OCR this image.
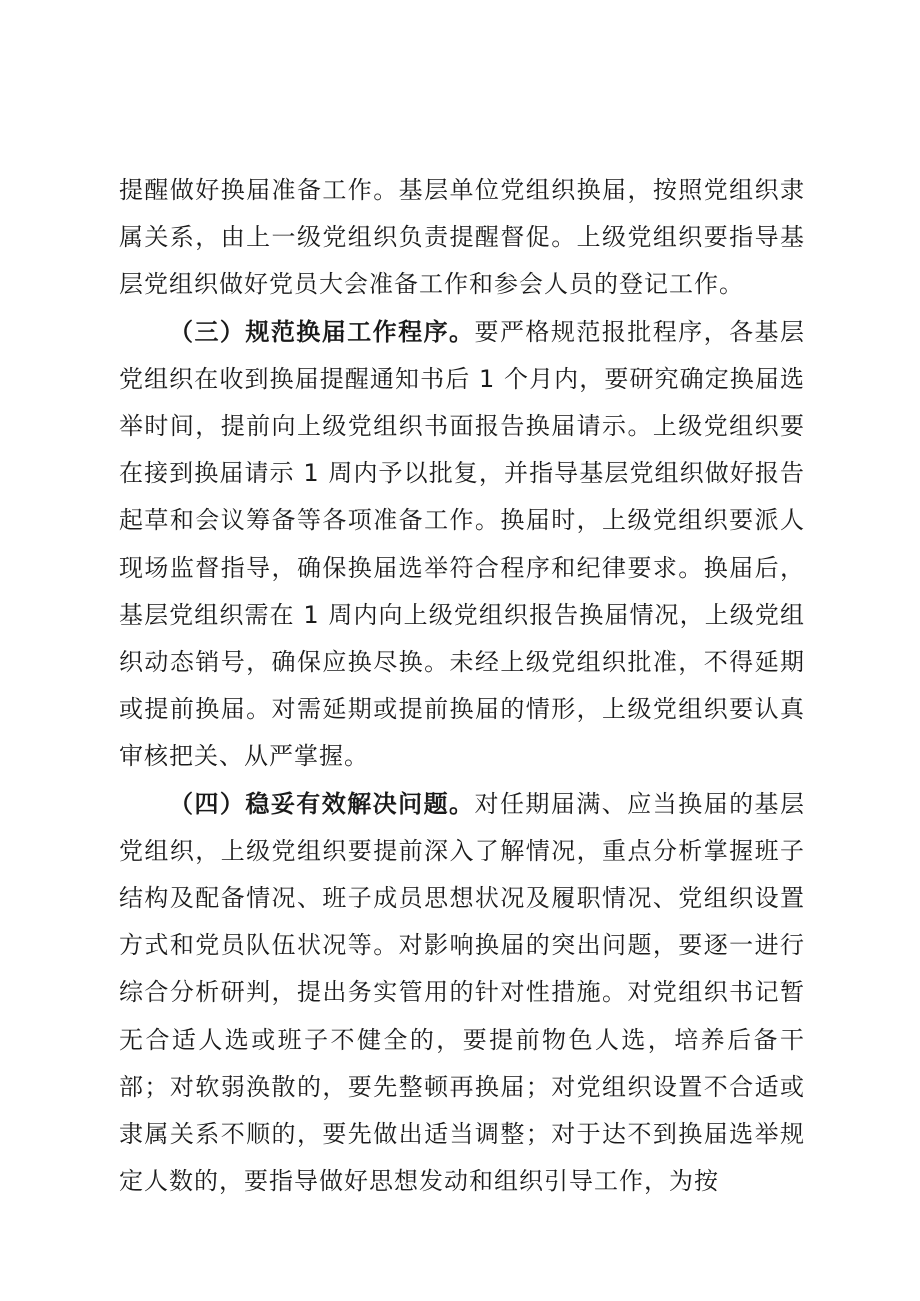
提醒做好换届准备工作。基层单位党组织换届，按照党组织隶属关系，由上一级党组织负责提醒督促。上级党组织要指导基层党组织做好党员大会准备工作和参会人员的登记工作。

（三）规范换届工作程序。要严格规范报批程序，各基层党组织在收到换届提醒通知书后 1 个月内，要研究确定换届选举时间，提前向上级党组织书面报告换届请示。上级党组织要在接到换届请示 1 周内予以批复，并指导基层党组织做好报告起草和会议筹备等各项准备工作。换届时，上级党组织要派人现场监督指导，确保换届选举符合程序和纪律要求。换届后，基层党组织需在 1 周内向上级党组织报告换届情况，上级党组织动态销号，确保应换尽换。未经上级党组织批准，不得延期或提前换届。对需延期或提前换届的情形，上级党组织要认真审核把关、从严掌握。

（四）稳妥有效解决问题。对任期届满、应当换届的基层党组织，上级党组织要提前深入了解情况，重点分析掌握班子结构及配备情况、班子成员思想状况及履职情况、党组织设置方式和党员队伍状况等。对影响换届的突出问题，要逐一进行综合分析研判，提出务实管用的针对性措施。对党组织书记暂无合适人选或班子不健全的，要提前物色人选，培养后备干部；对软弱涣散的，要先整顿再换届；对党组织设置不合适或隶属关系不顺的，要先做出适当调整；对于达不到换届选举规定人数的，要指导做好思想发动和组织引导工作，为按
